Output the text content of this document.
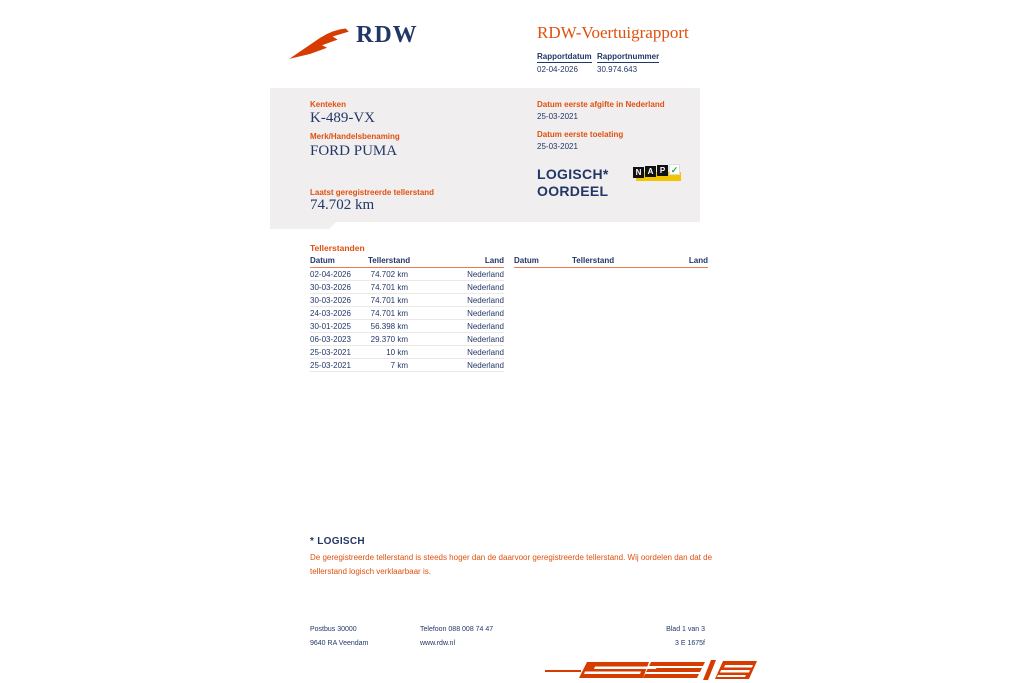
RDW	RDW-Voertuigrapport
Rapportdatum
02-04-2026
Rapportnummer
30.974.643
Kenteken
K-489-VX
Merk/Handelsbenaming
FORD PUMA
Laatst geregistreerde tellerstand
74.702 km
Datum eerste afgifte in Nederland
25-03-2021
Datum eerste toelating
25-03-2021
LOGISCH*
OORDEEL
N A P ✓
Tellerstanden
Datum	Tellerstand	Land
02-04-2026	74.702 km	Nederland
30-03-2026	74.701 km	Nederland
30-03-2026	74.701 km	Nederland
24-03-2026	74.701 km	Nederland
30-01-2025	56.398 km	Nederland
06-03-2023	29.370 km	Nederland
25-03-2021	10 km	Nederland
25-03-2021	7 km	Nederland
Datum	Tellerstand	Land
* LOGISCH
De geregistreerde tellerstand is steeds hoger dan de daarvoor geregistreerde tellerstand. Wij oordelen dan dat de tellerstand logisch verklaarbaar is.
Postbus 30000
9640 RA Veendam
Telefoon 088 008 74 47
www.rdw.nl
Blad 1 van 3
3 E 1675f
